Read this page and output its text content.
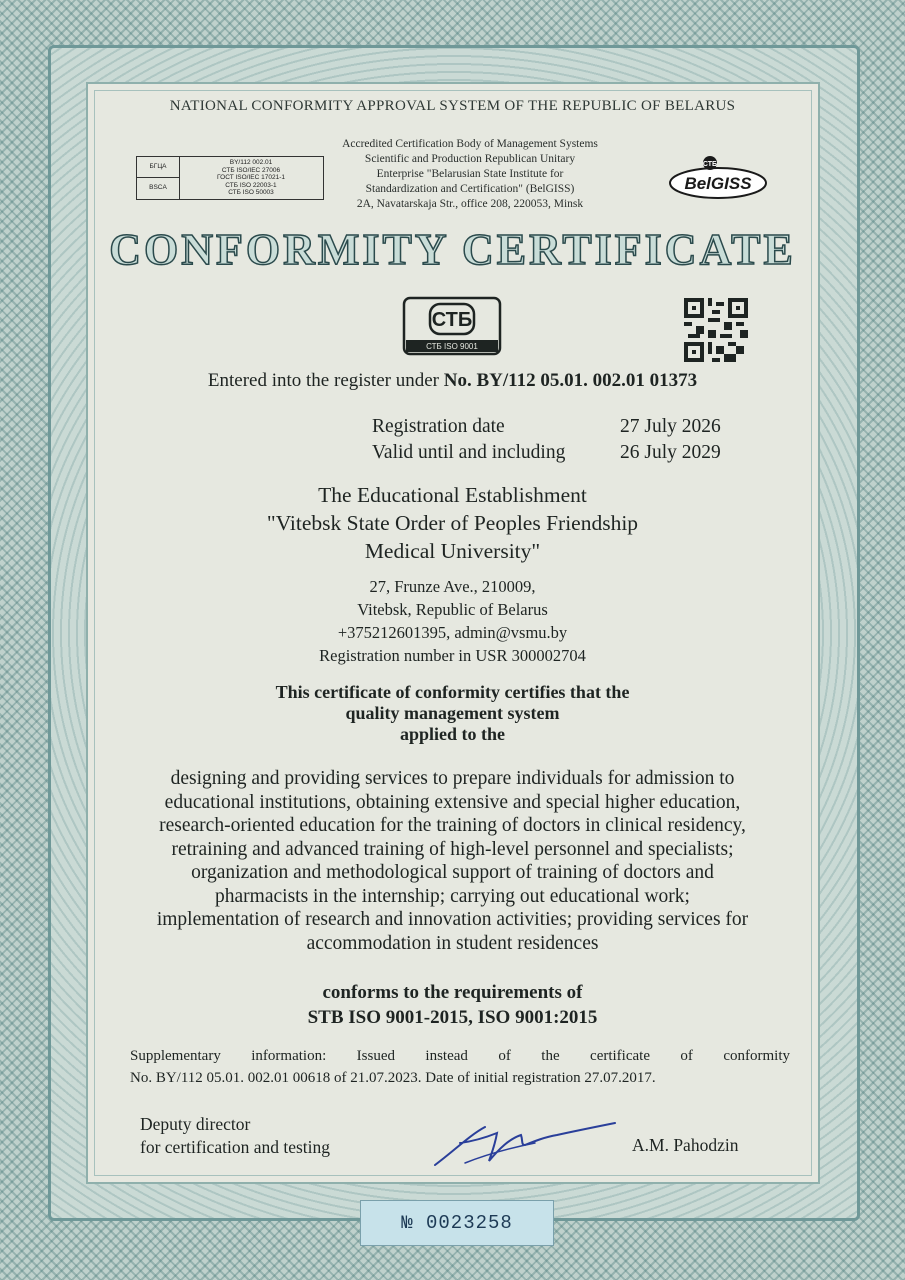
NATIONAL CONFORMITY APPROVAL SYSTEM OF THE REPUBLIC OF BELARUS
БГЦА
BSCA
BY/112 002.01
СТБ ISO/IEC 27006
ГОСТ ISO/IEC 17021-1
СТБ ISO 22003-1
СТБ ISO 50003
Accredited Certification Body of Management Systems
Scientific and Production Republican Unitary
Enterprise "Belarusian State Institute for
Standardization and Certification" (BelGISS)
2A, Navatarskaja Str., office 208, 220053, Minsk
СТБ
BelGISS
CONFORMITY CERTIFICATE
СТБ
СТБ ISO 9001
Entered into the register under No. BY/112 05.01. 002.01 01373
Registration date	27 July 2026
Valid until and including	26 July 2029
The Educational Establishment
"Vitebsk State Order of Peoples Friendship
Medical University"
27, Frunze Ave., 210009,
Vitebsk, Republic of Belarus
+375212601395, admin@vsmu.by
Registration number in USR 300002704
This certificate of conformity certifies that the
quality management system
applied to the
designing and providing services to prepare individuals for admission to
educational institutions, obtaining extensive and special higher education,
research-oriented education for the training of doctors in clinical residency,
retraining and advanced training of high-level personnel and specialists;
organization and methodological support of training of doctors and
pharmacists in the internship; carrying out educational work;
implementation of research and innovation activities; providing services for
accommodation in student residences
conforms to the requirements of
STB ISO 9001-2015, ISO 9001:2015
Supplementary information: Issued instead of the certificate of conformity
No. BY/112 05.01. 002.01 00618 of 21.07.2023. Date of initial registration 27.07.2017.
Deputy director
for certification and testing	A.M. Pahodzin
№ 0023258
